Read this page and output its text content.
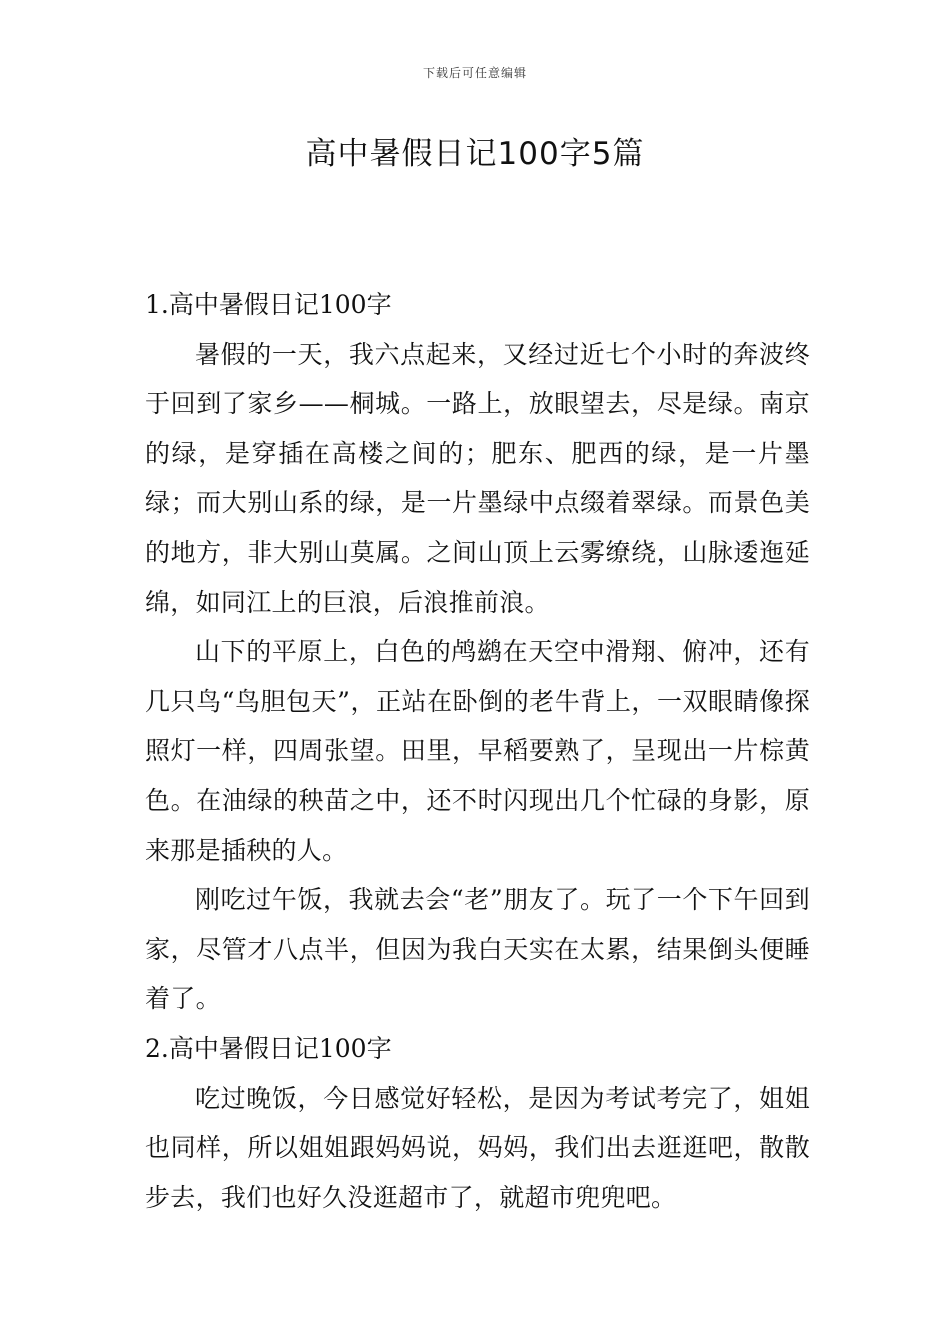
下载后可任意编辑
高中暑假日记100字5篇
1.高中暑假日记100字

暑假的一天，我六点起来，又经过近七个小时的奔波终于回到了家乡——桐城。一路上，放眼望去，尽是绿。南京的绿，是穿插在高楼之间的；肥东、肥西的绿，是一片墨绿；而大别山系的绿，是一片墨绿中点缀着翠绿。而景色美的地方，非大别山莫属。之间山顶上云雾缭绕，山脉逶迤延绵，如同江上的巨浪，后浪推前浪。

山下的平原上，白色的鸬鹚在天空中滑翔、俯冲，还有几只鸟“鸟胆包天”，正站在卧倒的老牛背上，一双眼睛像探照灯一样，四周张望。田里，早稻要熟了，呈现出一片棕黄色。在油绿的秧苗之中，还不时闪现出几个忙碌的身影，原来那是插秧的人。

刚吃过午饭，我就去会“老”朋友了。玩了一个下午回到家，尽管才八点半，但因为我白天实在太累，结果倒头便睡着了。

2.高中暑假日记100字

吃过晚饭，今日感觉好轻松，是因为考试考完了，姐姐也同样，所以姐姐跟妈妈说，妈妈，我们出去逛逛吧，散散步去，我们也好久没逛超市了，就超市兜兜吧。
